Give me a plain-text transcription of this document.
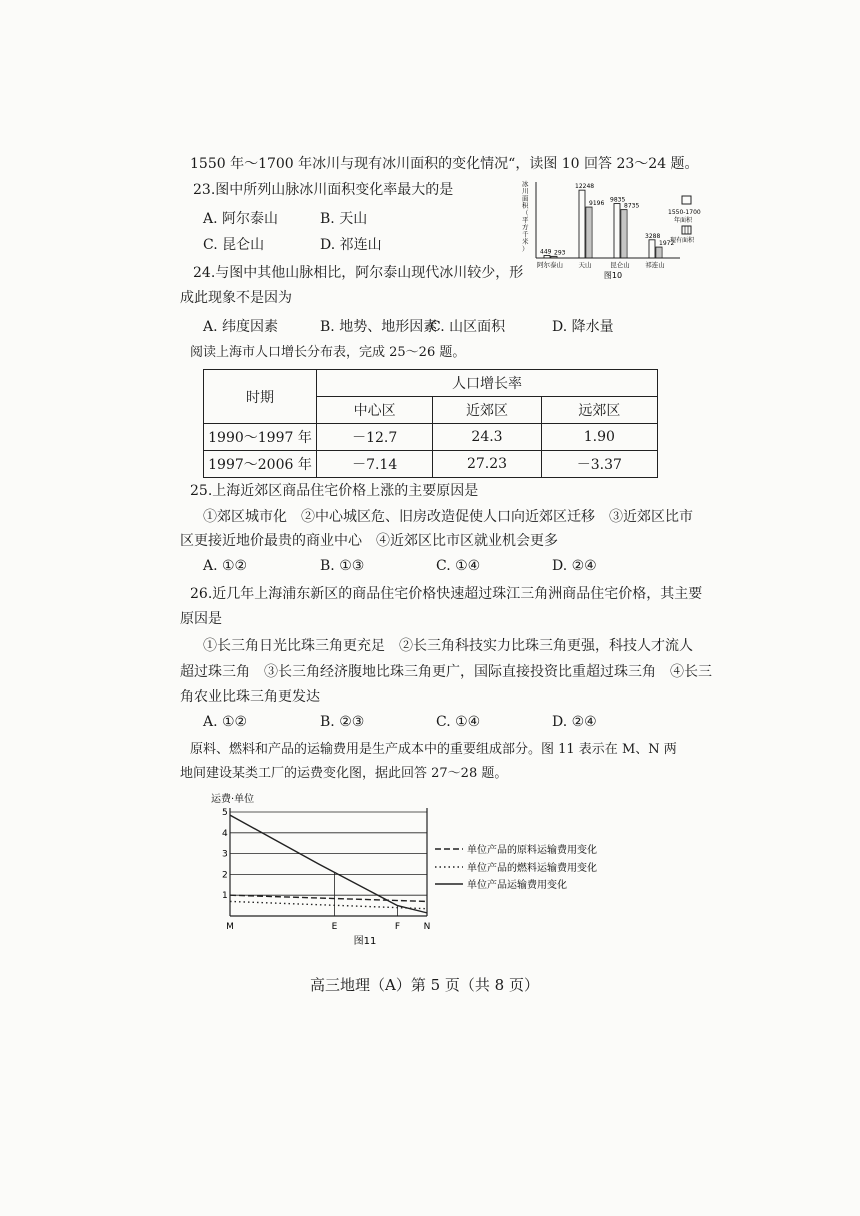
1550 年～1700 年冰川与现有冰川面积的变化情况“，读图 10 回答 23～24 题。
23.图中所列山脉冰川面积变化率最大的是
A. 阿尔泰山	B. 天山
C. 昆仑山	D. 祁连山
冰
川
面
积
（
平
方
千
米
） 449 293
12248
9196
9835
8735
3288
1972
阿尔泰山 天山	昆仑山 祁连山
1550-1700
年面积
现有面积
图10
24.与图中其他山脉相比，阿尔泰山现代冰川较少，形
成此现象不是因为
A. 纬度因素	B. 地势、地形因素
C. 山区面积	D. 降水量
阅读上海市人口增长分布表，完成 25～26 题。
时期	人口增长率		
	中心区	近郊区	远郊区
1990～1997 年	－12.7	24.3	1.90
1997～2006 年	－7.14	27.23	－3.37
25.上海近郊区商品住宅价格上涨的主要原因是
①郊区城市化　②中心城区危、旧房改造促使人口向近郊区迁移　③近郊区比市
区更接近地价最贵的商业中心　④近郊区比市区就业机会更多
A. ①②	B. ①③	C. ①④	D. ②④
26.近几年上海浦东新区的商品住宅价格快速超过珠江三角洲商品住宅价格，其主要
原因是
①长三角日光比珠三角更充足　②长三角科技实力比珠三角更强，科技人才流人
超过珠三角　③长三角经济腹地比珠三角更广，国际直接投资比重超过珠三角　④长三
角农业比珠三角更发达
A. ①②	B. ②③	C. ①④	D. ②④
原料、燃料和产品的运输费用是生产成本中的重要组成部分。图 11 表示在 M、N 两
地间建设某类工厂的运费变化图，据此回答 27～28 题。
运费·单位
1
2
3
4
5
M	E	F	N
单位产品的原料运输费用变化
单位产品的燃料运输费用变化
单位产品运输费用变化
图11
高三地理（A）第 5 页（共 8 页）
